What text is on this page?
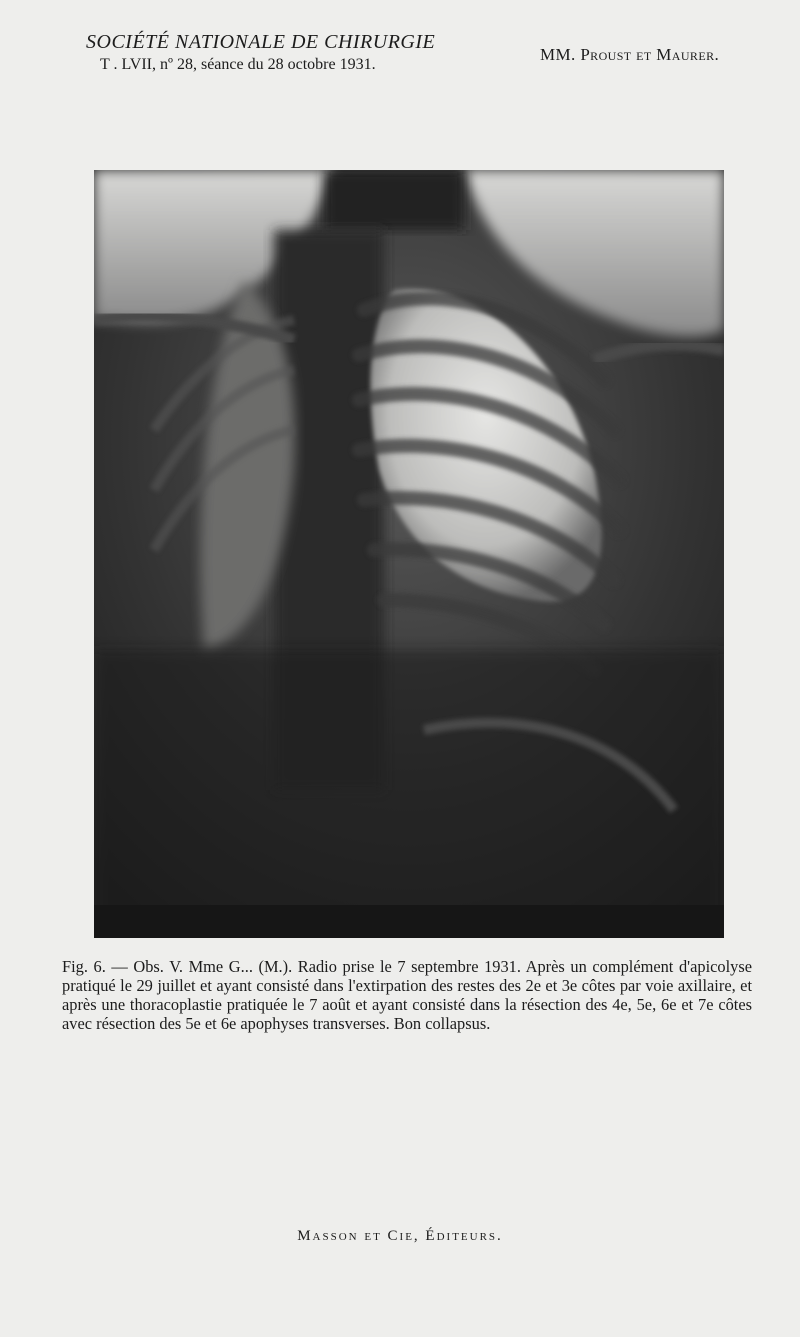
SOCIÉTÉ NATIONALE DE CHIRURGIE
T . LVII, nº 28, séance du 28 octobre 1931.
MM. Proust et Maurer.

Fig. 6. — Obs. V. Mme G... (M.). Radio prise le 7 septembre 1931. Après un complément d'apicolyse pratiqué le 29 juillet et ayant consisté dans l'extirpation des restes des 2e et 3e côtes par voie axillaire, et après une thoracoplastie pratiquée le 7 août et ayant consisté dans la résection des 4e, 5e, 6e et 7e côtes avec résection des 5e et 6e apophyses transverses. Bon collapsus.

Masson et Cie, Éditeurs.
